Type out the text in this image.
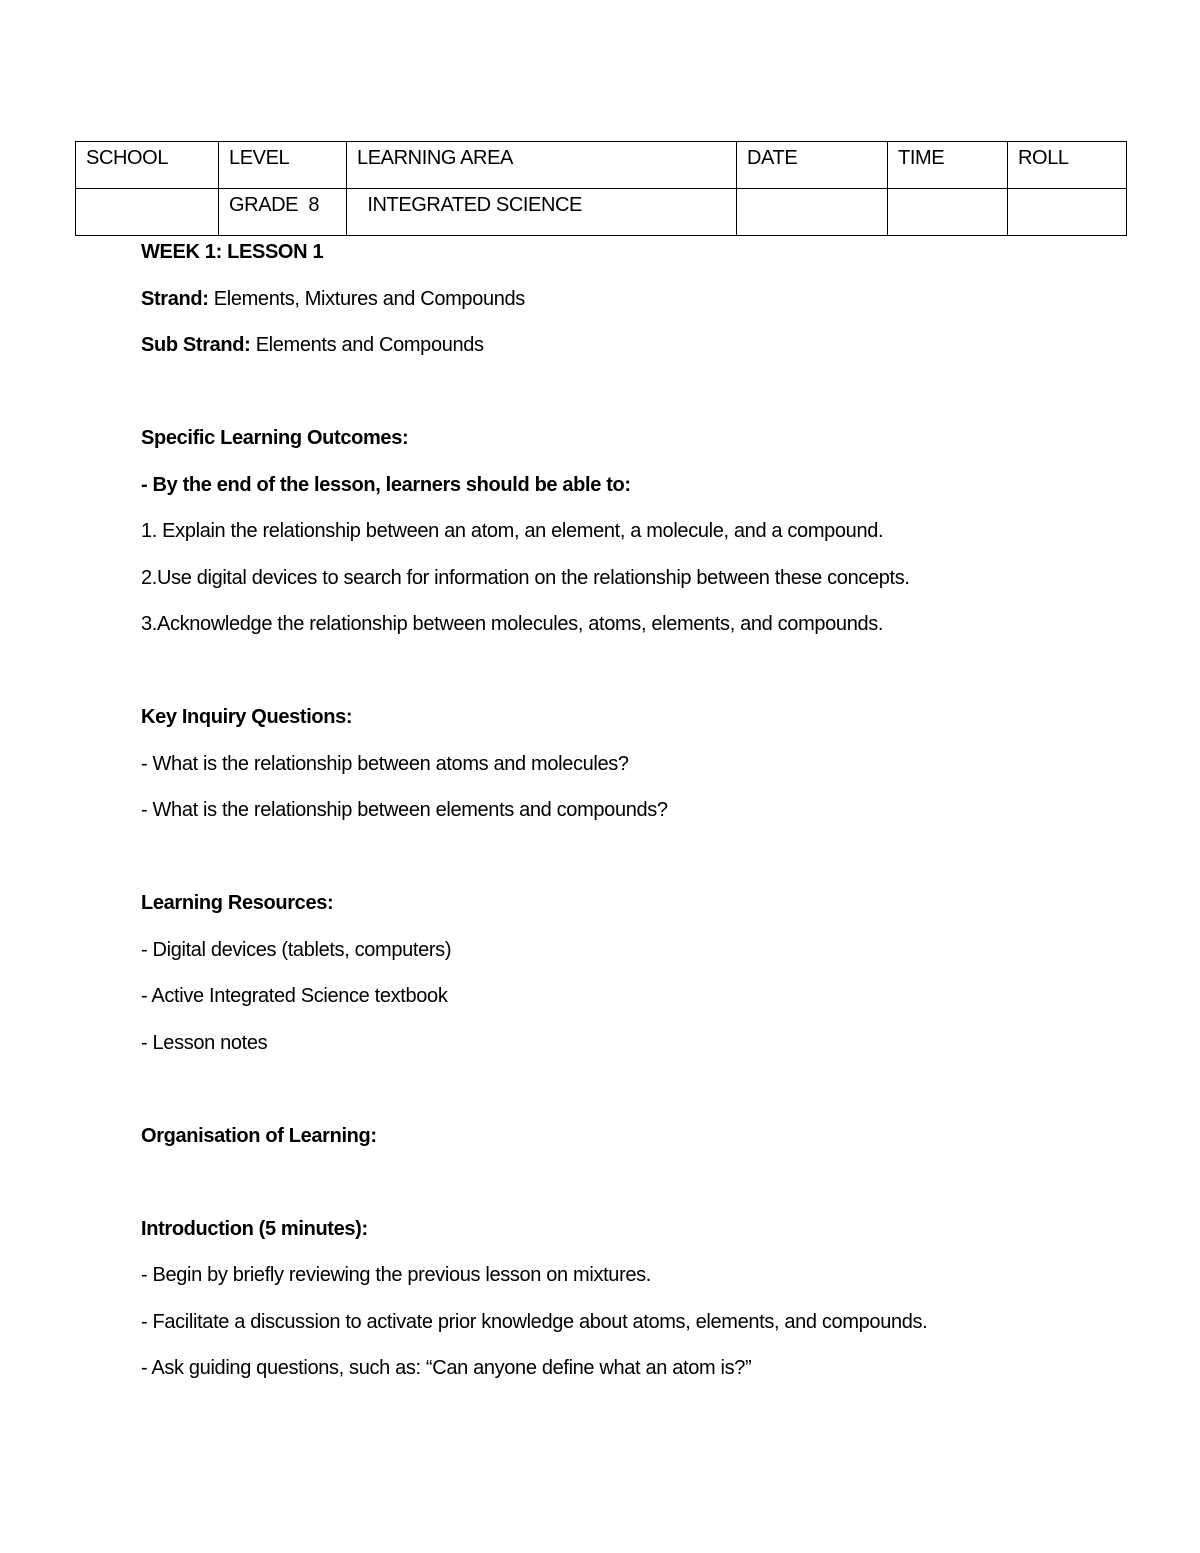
SCHOOL	LEVEL	LEARNING AREA	DATE	TIME	ROLL
	GRADE  8	INTEGRATED SCIENCE			
WEEK 1: LESSON 1
Strand: Elements, Mixtures and Compounds
Sub Strand: Elements and Compounds
Specific Learning Outcomes:
- By the end of the lesson, learners should be able to:
1. Explain the relationship between an atom, an element, a molecule, and a compound.
2.Use digital devices to search for information on the relationship between these concepts.
3.Acknowledge the relationship between molecules, atoms, elements, and compounds.
Key Inquiry Questions:
- What is the relationship between atoms and molecules?
- What is the relationship between elements and compounds?
Learning Resources:
- Digital devices (tablets, computers)
- Active Integrated Science textbook
- Lesson notes
Organisation of Learning:
Introduction (5 minutes):
- Begin by briefly reviewing the previous lesson on mixtures.
- Facilitate a discussion to activate prior knowledge about atoms, elements, and compounds.
- Ask guiding questions, such as: “Can anyone define what an atom is?”
